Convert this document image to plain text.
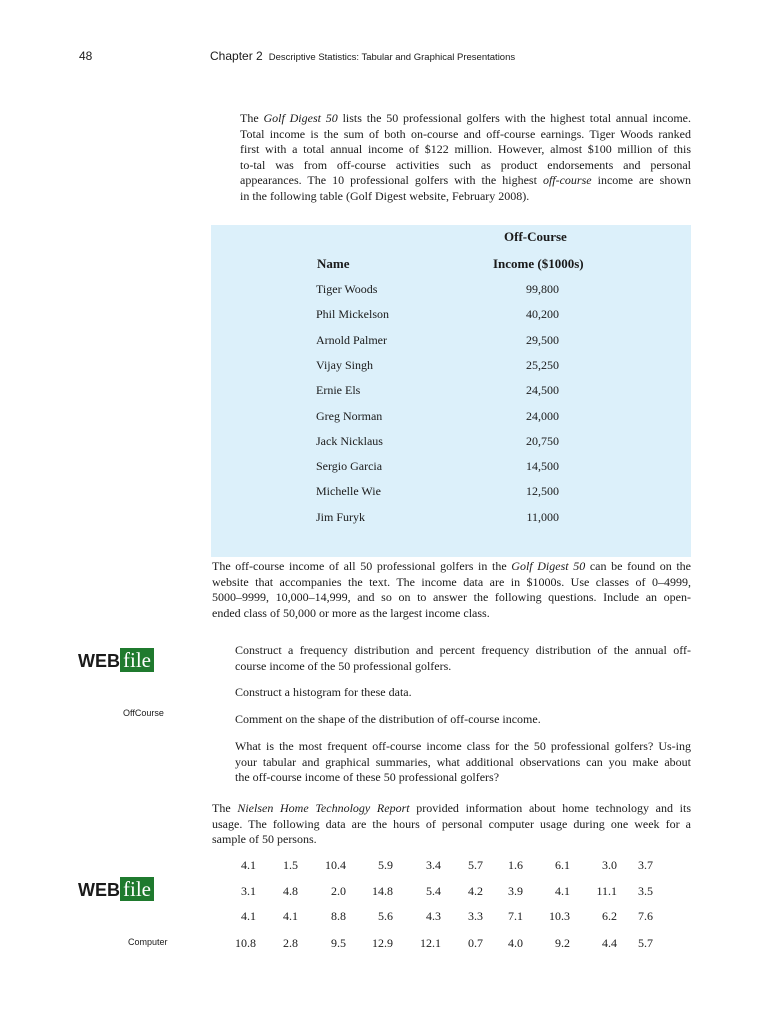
48	Chapter 2 Descriptive Statistics: Tabular and Graphical Presentations
The Golf Digest 50 lists the 50 professional golfers with the highest total annual income.
Total income is the sum of both on-course and off-course earnings. Tiger Woods ranked
first with a total annual income of $122 million. However, almost $100 million of this
to-tal was from off-course activities such as product endorsements and personal
appearances. The 10 professional golfers with the highest off-course income are shown
in the following table (Golf Digest website, February 2008).
Name
Off-Course
Income ($1000s)
Tiger Woods	99,800
Phil Mickelson	40,200
Arnold Palmer	29,500
Vijay Singh	25,250
Ernie Els	24,500
Greg Norman	24,000
Jack Nicklaus	20,750
Sergio Garcia	14,500
Michelle Wie	12,500
Jim Furyk	11,000
The off-course income of all 50 professional golfers in the Golf Digest 50 can be found on the
website that accompanies the text. The income data are in $1000s. Use classes of 0–4999,
5000–9999, 10,000–14,999, and so on to answer the following questions. Include an open-
ended class of 50,000 or more as the largest income class.
WEB file
OffCourse
Construct a frequency distribution and percent frequency distribution of the annual off-
course income of the 50 professional golfers.
Construct a histogram for these data.
Comment on the shape of the distribution of off-course income.
What is the most frequent off-course income class for the 50 professional golfers? Us-ing
your tabular and graphical summaries, what additional observations can you make about
the off-course income of these 50 professional golfers?
The Nielsen Home Technology Report provided information about home technology and its
usage. The following data are the hours of personal computer usage during one week for a
sample of 50 persons.
WEB file
Computer
4.1	1.5	10.4	5.9	3.4	5.7	1.6	6.1	3.0	3.7
3.1	4.8	2.0	14.8	5.4	4.2	3.9	4.1	11.1	3.5
4.1	4.1	8.8	5.6	4.3	3.3	7.1	10.3	6.2	7.6
10.8	2.8	9.5	12.9	12.1	0.7	4.0	9.2	4.4	5.7
